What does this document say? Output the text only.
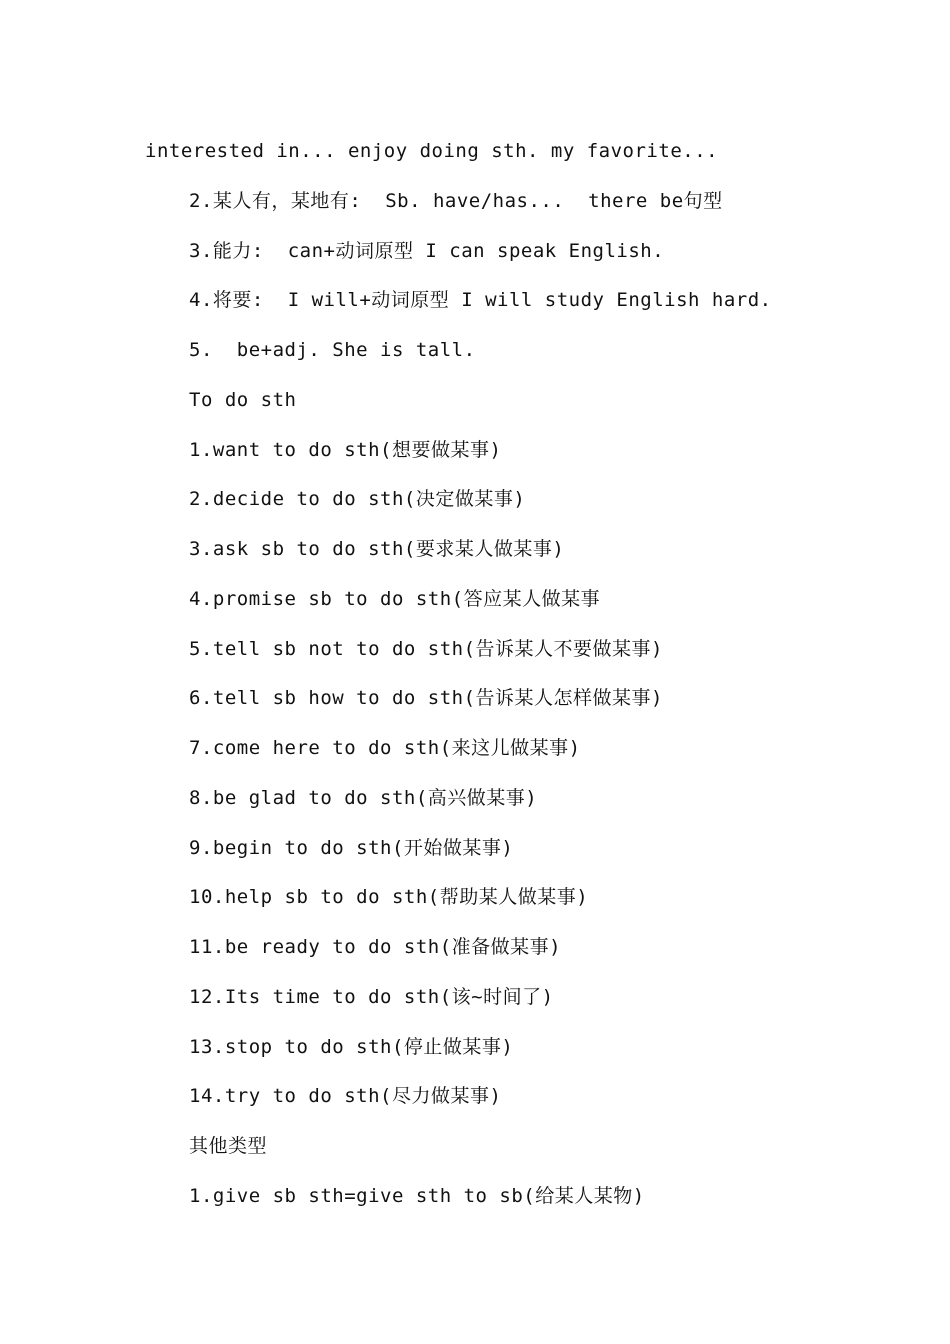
interested in... enjoy doing sth. my favorite...
2.某人有，某地有:  Sb. have/has...  there be句型
3.能力:  can+动词原型 I can speak English.
4.将要:  I will+动词原型 I will study English hard.
5.  be+adj. She is tall.
To do sth
1.want to do sth(想要做某事)
2.decide to do sth(决定做某事)
3.ask sb to do sth(要求某人做某事)
4.promise sb to do sth(答应某人做某事
5.tell sb not to do sth(告诉某人不要做某事)
6.tell sb how to do sth(告诉某人怎样做某事)
7.come here to do sth(来这儿做某事)
8.be glad to do sth(高兴做某事)
9.begin to do sth(开始做某事)
10.help sb to do sth(帮助某人做某事)
11.be ready to do sth(准备做某事)
12.Its time to do sth(该~时间了)
13.stop to do sth(停止做某事)
14.try to do sth(尽力做某事)
其他类型
1.give sb sth=give sth to sb(给某人某物)
